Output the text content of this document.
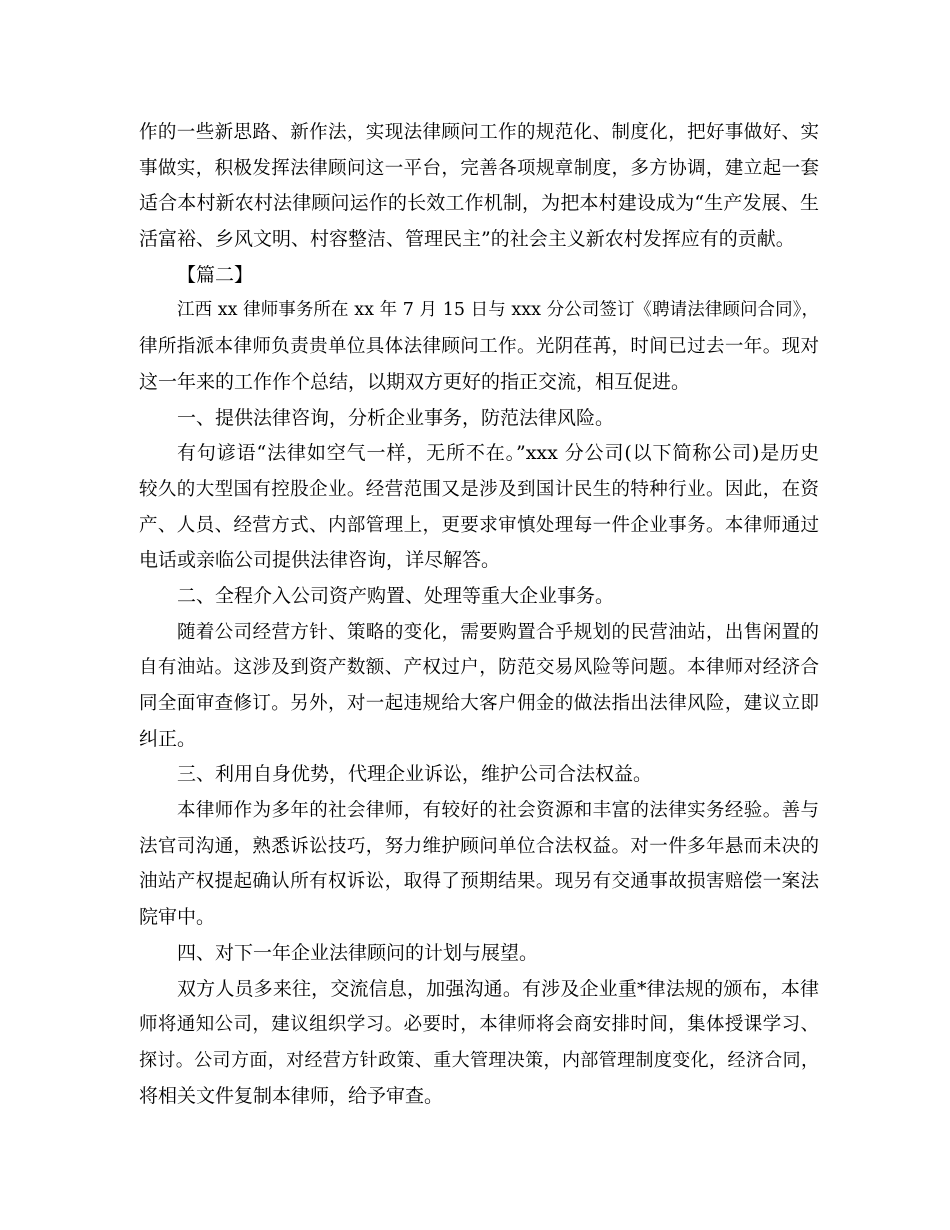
作的一些新思路、新作法，实现法律顾问工作的规范化、制度化，把好事做好、实
事做实，积极发挥法律顾问这一平台，完善各项规章制度，多方协调，建立起一套
适合本村新农村法律顾问运作的长效工作机制，为把本村建设成为“生产发展、生
活富裕、乡风文明、村容整洁、管理民主”的社会主义新农村发挥应有的贡献。
【篇二】
江西 xx 律师事务所在 xx 年 7 月 15 日与 xxx 分公司签订《聘请法律顾问合同》，
律所指派本律师负责贵单位具体法律顾问工作。光阴荏苒，时间已过去一年。现对
这一年来的工作作个总结，以期双方更好的指正交流，相互促进。
一、提供法律咨询，分析企业事务，防范法律风险。
有句谚语“法律如空气一样，无所不在。”xxx 分公司(以下简称公司)是历史
较久的大型国有控股企业。经营范围又是涉及到国计民生的特种行业。因此，在资
产、人员、经营方式、内部管理上，更要求审慎处理每一件企业事务。本律师通过
电话或亲临公司提供法律咨询，详尽解答。
二、全程介入公司资产购置、处理等重大企业事务。
随着公司经营方针、策略的变化，需要购置合乎规划的民营油站，出售闲置的
自有油站。这涉及到资产数额、产权过户，防范交易风险等问题。本律师对经济合
同全面审查修订。另外，对一起违规给大客户佣金的做法指出法律风险，建议立即
纠正。
三、利用自身优势，代理企业诉讼，维护公司合法权益。
本律师作为多年的社会律师，有较好的社会资源和丰富的法律实务经验。善与
法官司沟通，熟悉诉讼技巧，努力维护顾问单位合法权益。对一件多年悬而未决的
油站产权提起确认所有权诉讼，取得了预期结果。现另有交通事故损害赔偿一案法
院审中。
四、对下一年企业法律顾问的计划与展望。
双方人员多来往，交流信息，加强沟通。有涉及企业重*律法规的颁布，本律
师将通知公司，建议组织学习。必要时，本律师将会商安排时间，集体授课学习、
探讨。公司方面，对经营方针政策、重大管理决策，内部管理制度变化，经济合同，
将相关文件复制本律师，给予审查。
